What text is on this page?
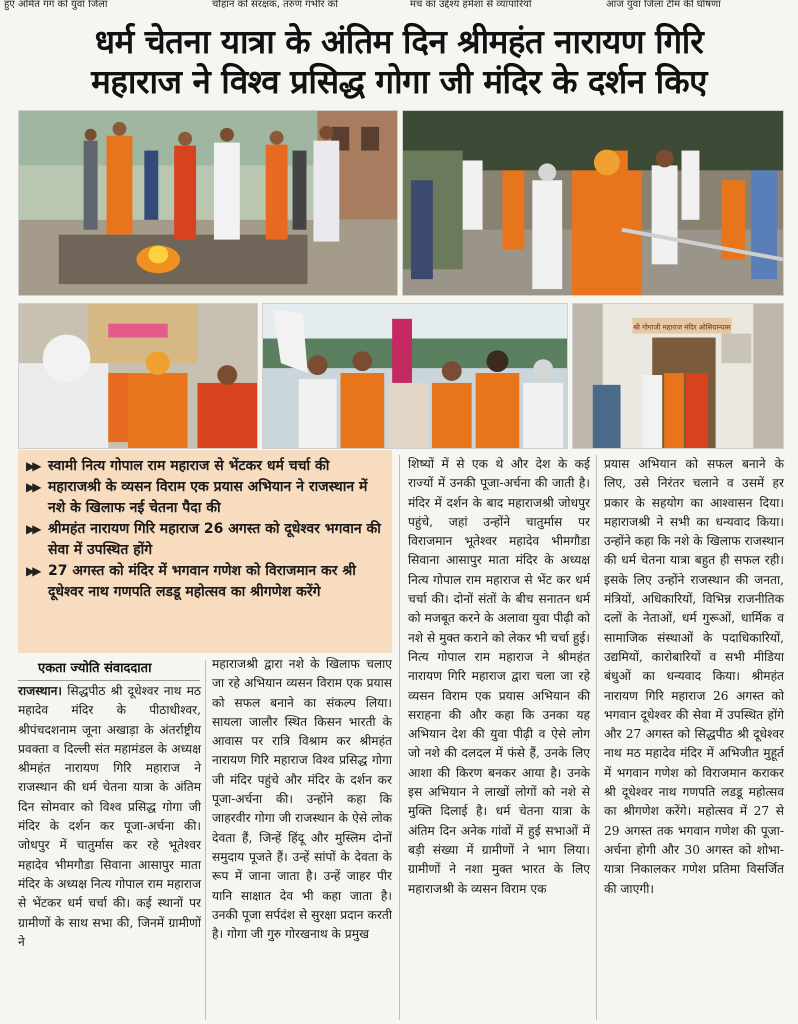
हुए अमित गग को युवा जिला	चौहान को संरक्षक, तरुण गंभीर को	मंच का उद्देश्य हमेशा से व्यापारियों	आज युवा जिला टीम की घोषणा
धर्म चेतना यात्रा के अंतिम दिन श्रीमहंत नारायण गिरि
महाराज ने विश्व प्रसिद्ध गोगा जी मंदिर के दर्शन किए
श्री गोगाजी महाराज मंदिर ओसियान्यास
▶▶ स्वामी नित्य गोपाल राम महाराज से भेंटकर धर्म चर्चा की
▶▶ महाराजश्री के व्यसन विराम एक प्रयास अभियान ने राजस्थान में नशे के खिलाफ नई चेतना पैदा की
▶▶ श्रीमहंत नारायण गिरि महाराज 26 अगस्त को दूधेश्वर भगवान की सेवा में उपस्थित होंगे
▶▶ 27 अगस्त को मंदिर में भगवान गणेश को विराजमान कर श्री दूधेश्वर नाथ गणपति लडडू महोत्सव का श्रीगणेश करेंगे
एकता ज्योति संवाददाता

राजस्थान। सिद्धपीठ श्री दूधेश्वर नाथ मठ महादेव मंदिर के पीठाधीश्वर, श्रीपंचदशनाम जूना अखाड़ा के अंतर्राष्ट्रीय प्रवक्ता व दिल्ली संत महामंडल के अध्यक्ष श्रीमहंत नारायण गिरि महाराज ने राजस्थान की धर्म चेतना यात्रा के अंतिम दिन सोमवार को विश्व प्रसिद्ध गोगा जी मंदिर के दर्शन कर पूजा-अर्चना की। जोधपुर में चातुर्मास कर रहे भूतेश्वर महादेव भीमगौडा सिवाना आसापुर माता मंदिर के अध्यक्ष नित्य गोपाल राम महाराज से भेंटकर धर्म चर्चा की। कई स्थानों पर ग्रामीणों के साथ सभा की, जिनमें ग्रामीणों ने

महाराजश्री द्वारा नशे के खिलाफ चलाए जा रहे अभियान व्यसन विराम एक प्रयास को सफल बनाने का संकल्प लिया। सायला जालौर स्थित किसन भारती के आवास पर रात्रि विश्राम कर श्रीमहंत नारायण गिरि महाराज विश्व प्रसिद्ध गोगा जी मंदिर पहुंचे और मंदिर के दर्शन कर पूजा-अर्चना की। उन्होंने कहा कि जाहरवीर गोगा जी राजस्थान के ऐसे लोक देवता हैं, जिन्हें हिंदू और मुस्लिम दोनों समुदाय पूजते हैं। उन्हें सांपों के देवता के रूप में जाना जाता है। उन्हें जाहर पीर यानि साक्षात देव भी कहा जाता है। उनकी पूजा सर्पदंश से सुरक्षा प्रदान करती है। गोगा जी गुरु गोरखनाथ के प्रमुख

शिष्यों में से एक थे और देश के कई राज्यों में उनकी पूजा-अर्चना की जाती है। मंदिर में दर्शन के बाद महाराजश्री जोधपुर पहुंचे, जहां उन्होंने चातुर्मास पर विराजमान भूतेश्वर महादेव भीमगौडा सिवाना आसापुर माता मंदिर के अध्यक्ष नित्य गोपाल राम महाराज से भेंट कर धर्म चर्चा की। दोनों संतों के बीच सनातन धर्म को मजबूत करने के अलावा युवा पीढ़ी को नशे से मुक्त कराने को लेकर भी चर्चा हुई। नित्य गोपाल राम महाराज ने श्रीमहंत नारायण गिरि महाराज द्वारा चला जा रहे व्यसन विराम एक प्रयास अभियान की सराहना की और कहा कि उनका यह अभियान देश की युवा पीढ़ी व ऐसे लोग जो नशे की दलदल में फंसे हैं, उनके लिए आशा की किरण बनकर आया है। उनके इस अभियान ने लाखों लोगों को नशे से मुक्ति दिलाई है। धर्म चेतना यात्रा के अंतिम दिन अनेक गांवों में हुई सभाओं में बड़ी संख्या में ग्रामीणों ने भाग लिया। ग्रामीणों ने नशा मुक्त भारत के लिए महाराजश्री के व्यसन विराम एक

प्रयास अभियान को सफल बनाने के लिए, उसे निरंतर चलाने व उसमें हर प्रकार के सहयोग का आश्वासन दिया। महाराजश्री ने सभी का धन्यवाद किया। उन्होंने कहा कि नशे के खिलाफ राजस्थान की धर्म चेतना यात्रा बहुत ही सफल रही। इसके लिए उन्होंने राजस्थान की जनता, मंत्रियों, अधिकारियों, विभिन्न राजनीतिक दलों के नेताओं, धर्म गुरूओं, धार्मिक व सामाजिक संस्थाओं के पदाधिकारियों, उद्यमियों, कारोबारियों व सभी मीडिया बंधुओं का धन्यवाद किया। श्रीमहंत नारायण गिरि महाराज 26 अगस्त को भगवान दूधेश्वर की सेवा में उपस्थित होंगे और 27 अगस्त को सिद्धपीठ श्री दूधेश्वर नाथ मठ महादेव मंदिर में अभिजीत मुहूर्त में भगवान गणेश को विराजमान कराकर श्री दूधेश्वर नाथ गणपति लडडू महोत्सव का श्रीगणेश करेंगे। महोत्सव में 27 से 29 अगस्त तक भगवान गणेश की पूजा-अर्चना होगी और 30 अगस्त को शोभा-यात्रा निकालकर गणेश प्रतिमा विसर्जित की जाएगी।
